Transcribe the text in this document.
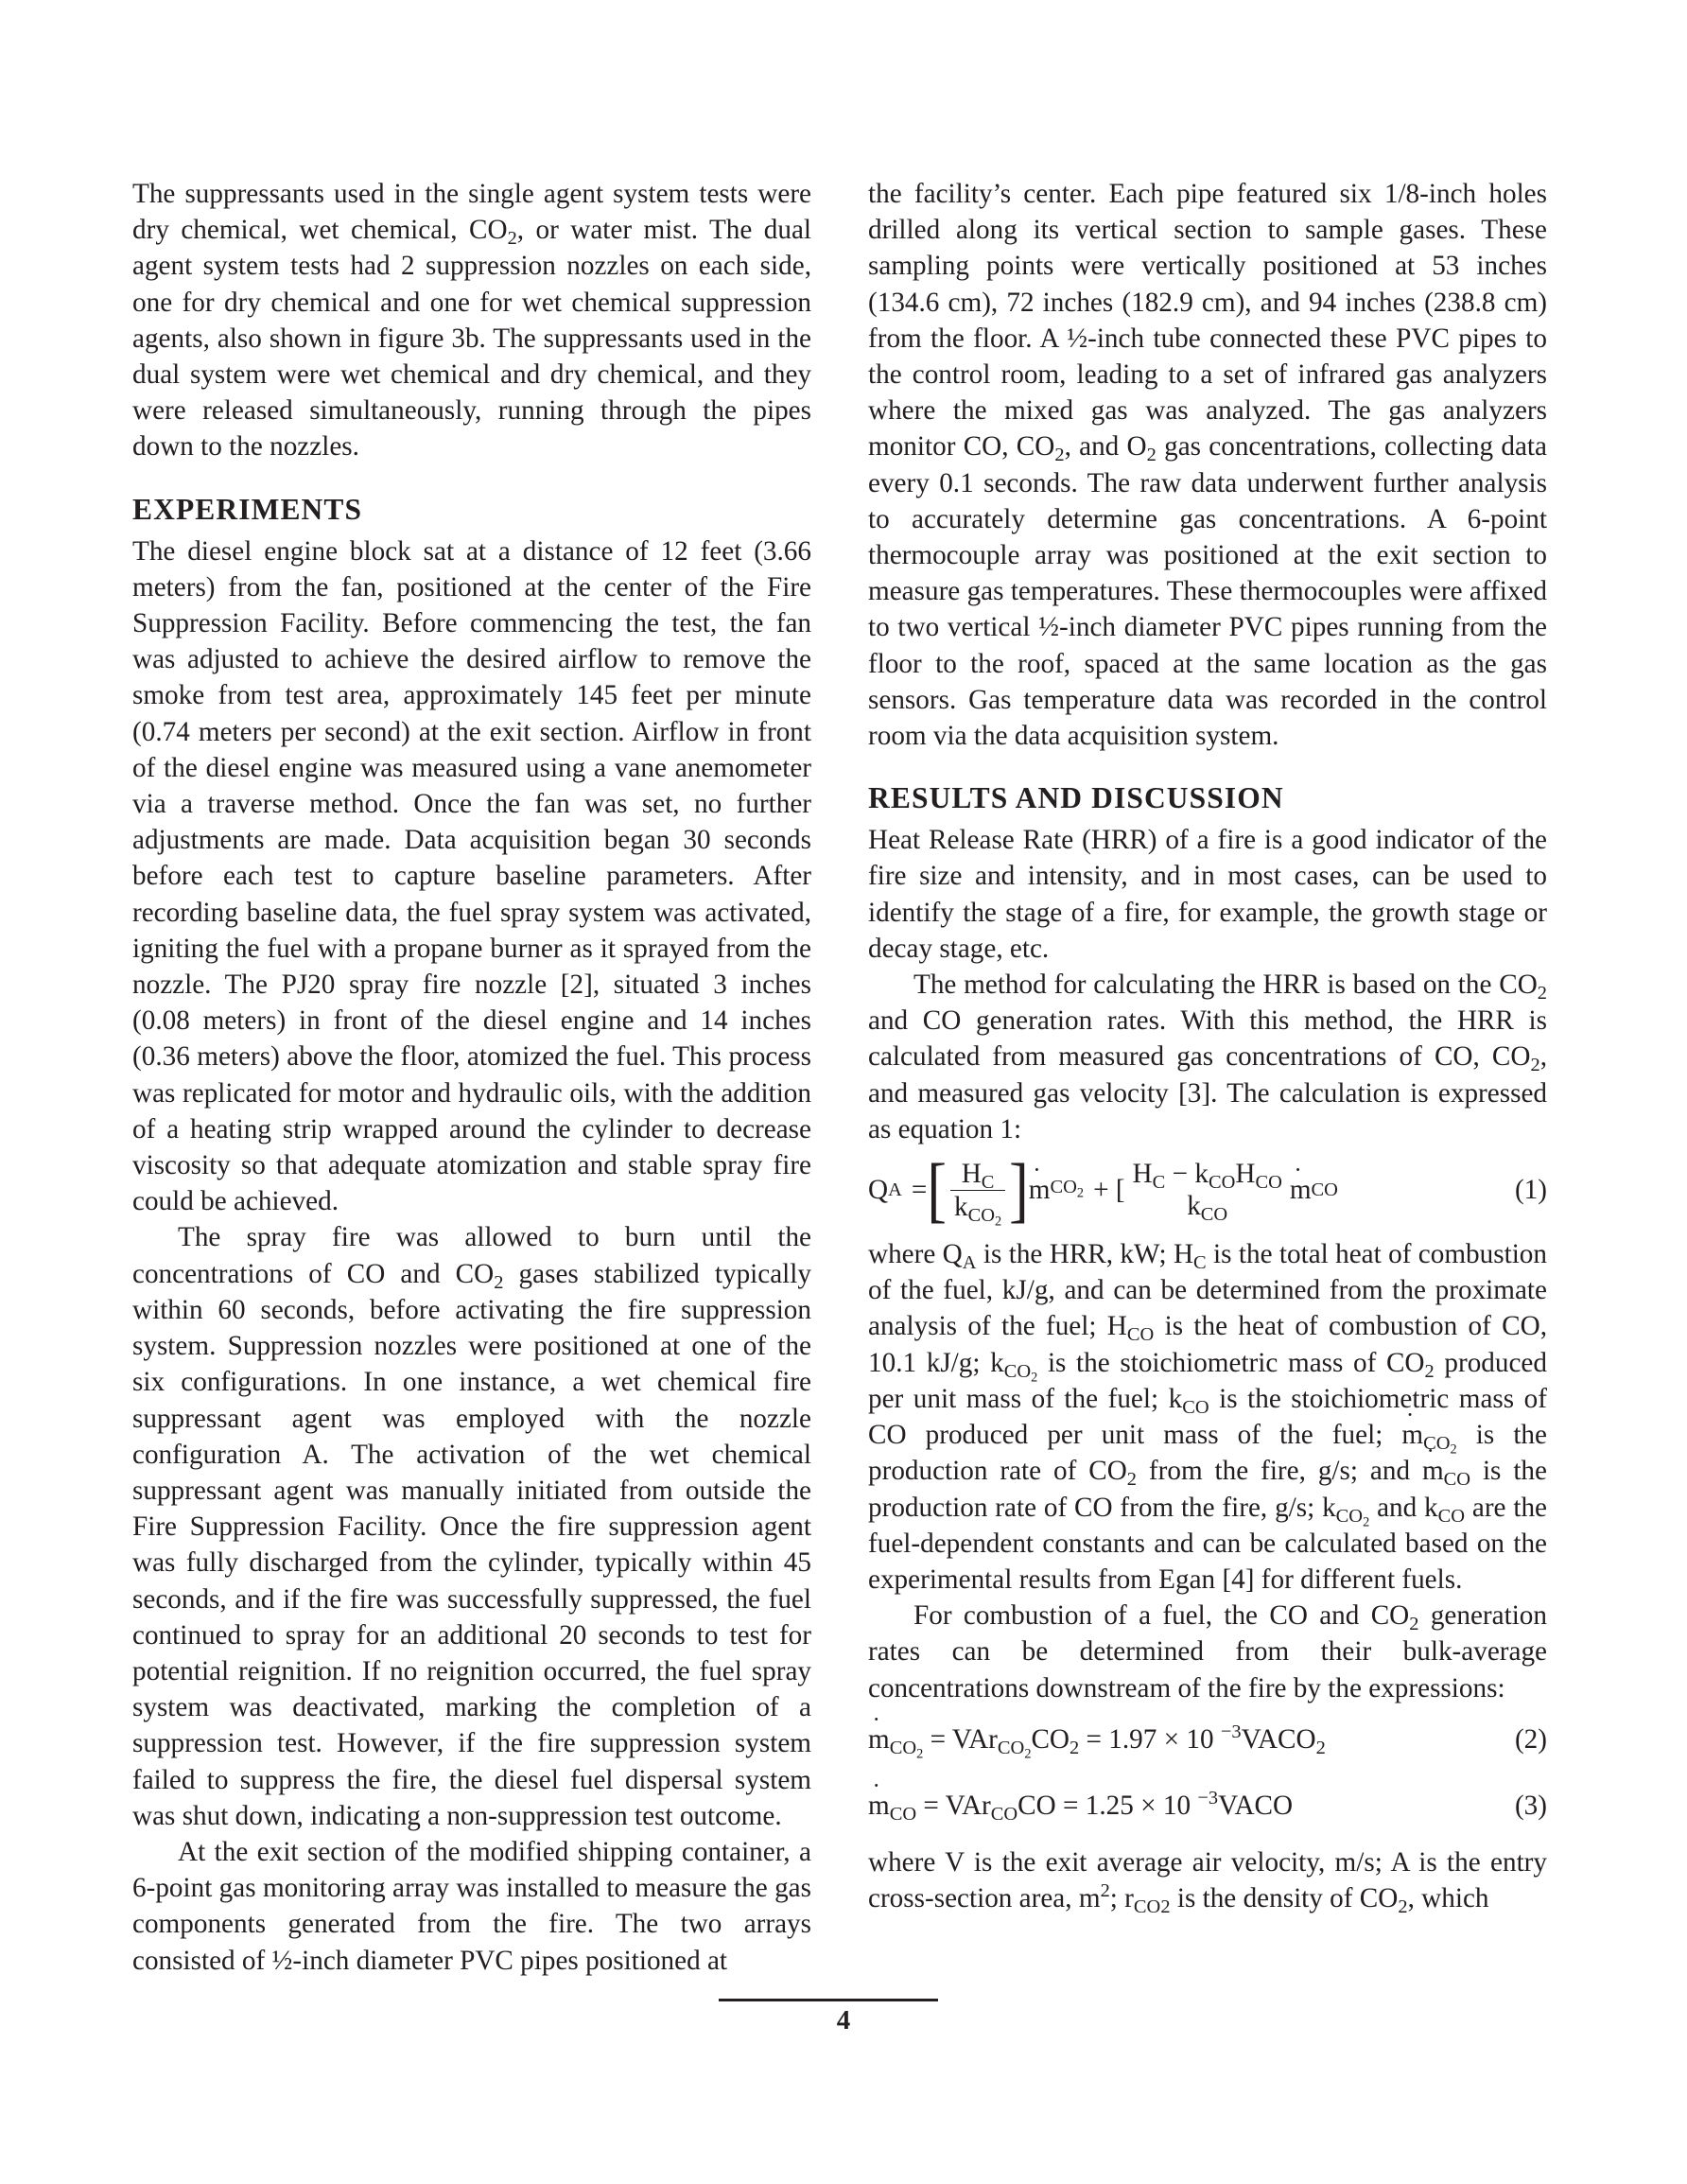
The suppressants used in the single agent system tests were dry chemical, wet chemical, $CO_2$, or water mist. The dual agent system tests had 2 suppression nozzles on each side, one for dry chemical and one for wet chemical suppression agents, also shown in figure 3b. The suppressants used in the dual system were wet chemical and dry chemical, and they were released simultaneously, running through the pipes down to the nozzles.

EXPERIMENTS

The diesel engine block sat at a distance of 12 feet (3.66 meters) from the fan, positioned at the center of the Fire Suppression Facility. Before commencing the test, the fan was adjusted to achieve the desired airflow to remove the smoke from test area, approximately 145 feet per minute (0.74 meters per second) at the exit section. Airflow in front of the diesel engine was measured using a vane anemometer via a traverse method. Once the fan was set, no further adjustments are made. Data acquisition began 30 seconds before each test to capture baseline parameters. After recording baseline data, the fuel spray system was activated, igniting the fuel with a propane burner as it sprayed from the nozzle. The PJ20 spray fire nozzle [2], situated 3 inches (0.08 meters) in front of the diesel engine and 14 inches (0.36 meters) above the floor, atomized the fuel. This process was replicated for motor and hydraulic oils, with the addition of a heating strip wrapped around the cylinder to decrease viscosity so that adequate atomization and stable spray fire could be achieved.

The spray fire was allowed to burn until the concentrations of CO and $CO_2$ gases stabilized typically within 60 seconds, before activating the fire suppression system. Suppression nozzles were positioned at one of the six configurations. In one instance, a wet chemical fire suppressant agent was employed with the nozzle configuration A. The activation of the wet chemical suppressant agent was manually initiated from outside the Fire Suppression Facility. Once the fire suppression agent was fully discharged from the cylinder, typically within 45 seconds, and if the fire was successfully suppressed, the fuel continued to spray for an additional 20 seconds to test for potential reignition. If no reignition occurred, the fuel spray system was deactivated, marking the completion of a suppression test. However, if the fire suppression system failed to suppress the fire, the diesel fuel dispersal system was shut down, indicating a non-suppression test outcome.

At the exit section of the modified shipping container, a 6-point gas monitoring array was installed to measure the gas components generated from the fire. The two arrays consisted of ½-inch diameter PVC pipes positioned at

the facility’s center. Each pipe featured six 1/8-inch holes drilled along its vertical section to sample gases. These sampling points were vertically positioned at 53 inches (134.6 cm), 72 inches (182.9 cm), and 94 inches (238.8 cm) from the floor. A ½-inch tube connected these PVC pipes to the control room, leading to a set of infrared gas analyzers where the mixed gas was analyzed. The gas analyzers monitor CO, $CO_2$, and $O_2$ gas concentrations, collecting data every 0.1 seconds. The raw data underwent further analysis to accurately determine gas concentrations. A 6-point thermocouple array was positioned at the exit section to measure gas temperatures. These thermocouples were affixed to two vertical ½-inch diameter PVC pipes running from the floor to the roof, spaced at the same location as the gas sensors. Gas temperature data was recorded in the control room via the data acquisition system.

RESULTS AND DISCUSSION

Heat Release Rate (HRR) of a fire is a good indicator of the fire size and intensity, and in most cases, can be used to identify the stage of a fire, for example, the growth stage or decay stage, etc.

The method for calculating the HRR is based on the $CO_2$ and CO generation rates. With this method, the HRR is calculated from measured gas concentrations of CO, $CO_2$, and measured gas velocity [3]. The calculation is expressed as equation 1:

Q A = [ $\frac{H_C}{k_{CO_2}}$ ]
˙ m $CO_2$ + [
$H_C - k_{CO}H_{CO}$
$k_{CO}$
˙ m CO	(1)

where $Q_A$ is the HRR, kW; $H_C$ is the total heat of combustion of the fuel, kJ/g, and can be determined from the proximate analysis of the fuel; $H_{CO}$ is the heat of combustion of CO, 10.1 kJ/g; $k_{CO_2}$ is the stoichiometric mass of $CO_2$ produced per unit mass of the fuel; $k_{CO}$ is the stoichiometric mass of CO produced per unit mass of the fuel; ˙ $m_{CO_2}$ is the production rate of $CO_2$ from the fire, g/s; and ˙ $m_{CO}$ is the production rate of CO from the fire, g/s; $k_{CO_2}$ and $k_{CO}$ are the fuel-dependent constants and can be calculated based on the experimental results from Egan [4] for different fuels.

For combustion of a fuel, the CO and $CO_2$ generation rates can be determined from their bulk-average concentrations downstream of the fire by the expressions:

˙ $m_{CO_2} = VAr_{CO_2}CO_2 = 1.97 \times 10$ $^{-3}VACO_2$	(2)
˙ $m_{CO} = VAr_{CO}CO = 1.25 \times 10$ $^{-3}$VACO	(3)

where V is the exit average air velocity, m/s; A is the entry cross-section area, $m^2$; $r_{CO2}$ is the density of $CO_2$, which

4
